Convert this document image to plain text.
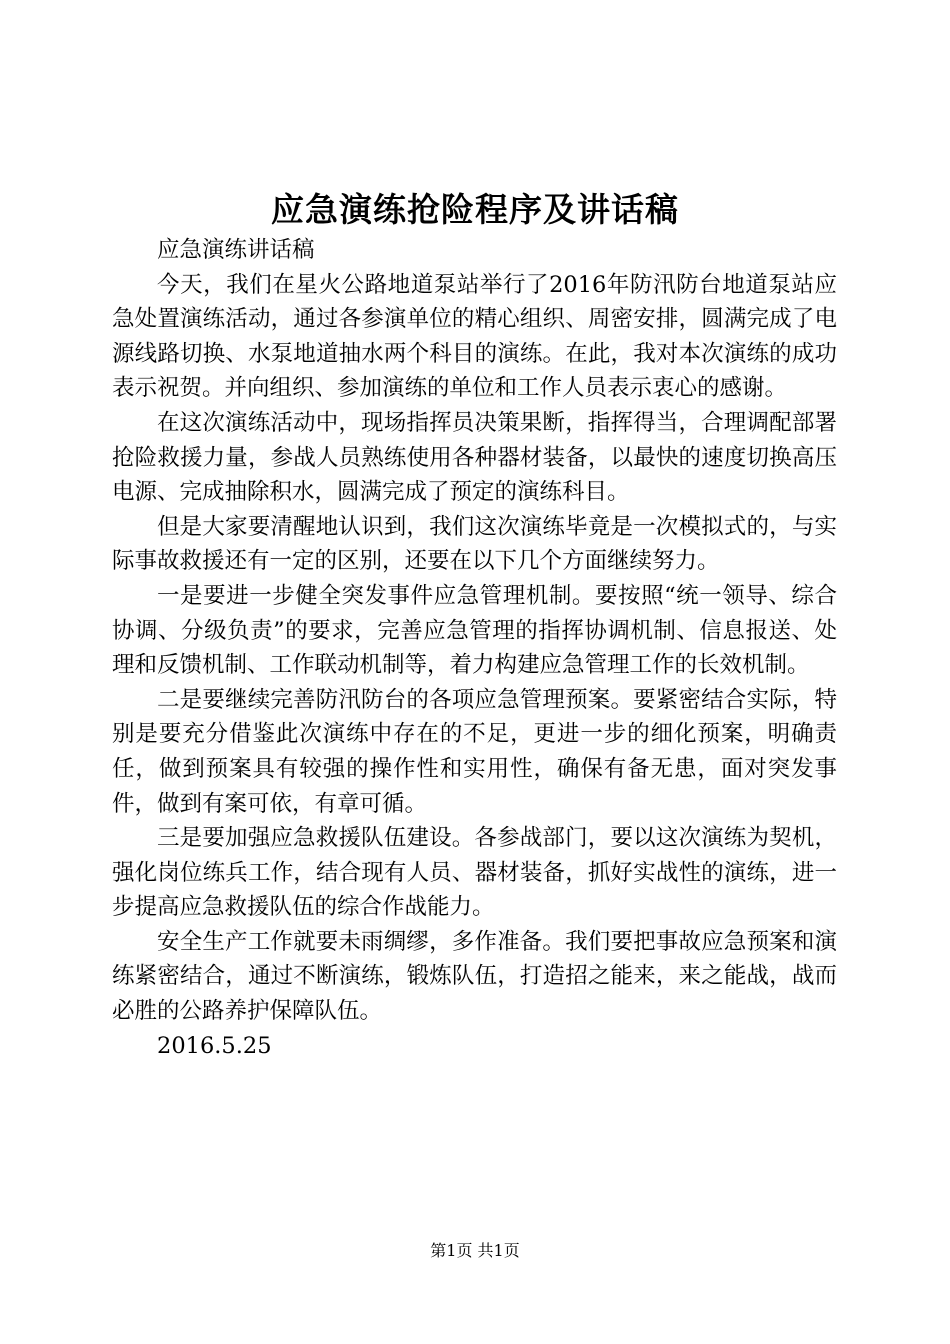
应急演练抢险程序及讲话稿

应急演练讲话稿

今天，我们在星火公路地道泵站举行了2016年防汛防台地道泵站应急处置演练活动，通过各参演单位的精心组织、周密安排，圆满完成了电源线路切换、水泵地道抽水两个科目的演练。在此，我对本次演练的成功表示祝贺。并向组织、参加演练的单位和工作人员表示衷心的感谢。

在这次演练活动中，现场指挥员决策果断，指挥得当，合理调配部署抢险救援力量，参战人员熟练使用各种器材装备，以最快的速度切换高压电源、完成抽除积水，圆满完成了预定的演练科目。

但是大家要清醒地认识到，我们这次演练毕竟是一次模拟式的，与实际事故救援还有一定的区别，还要在以下几个方面继续努力。

一是要进一步健全突发事件应急管理机制。要按照“统一领导、综合协调、分级负责”的要求，完善应急管理的指挥协调机制、信息报送、处理和反馈机制、工作联动机制等，着力构建应急管理工作的长效机制。

二是要继续完善防汛防台的各项应急管理预案。要紧密结合实际，特别是要充分借鉴此次演练中存在的不足，更进一步的细化预案，明确责任，做到预案具有较强的操作性和实用性，确保有备无患，面对突发事件，做到有案可依，有章可循。

三是要加强应急救援队伍建设。各参战部门，要以这次演练为契机，强化岗位练兵工作，结合现有人员、器材装备，抓好实战性的演练，进一步提高应急救援队伍的综合作战能力。

安全生产工作就要未雨绸缪，多作准备。我们要把事故应急预案和演练紧密结合，通过不断演练，锻炼队伍，打造招之能来，来之能战，战而必胜的公路养护保障队伍。

2016.5.25

第1页 共1页
